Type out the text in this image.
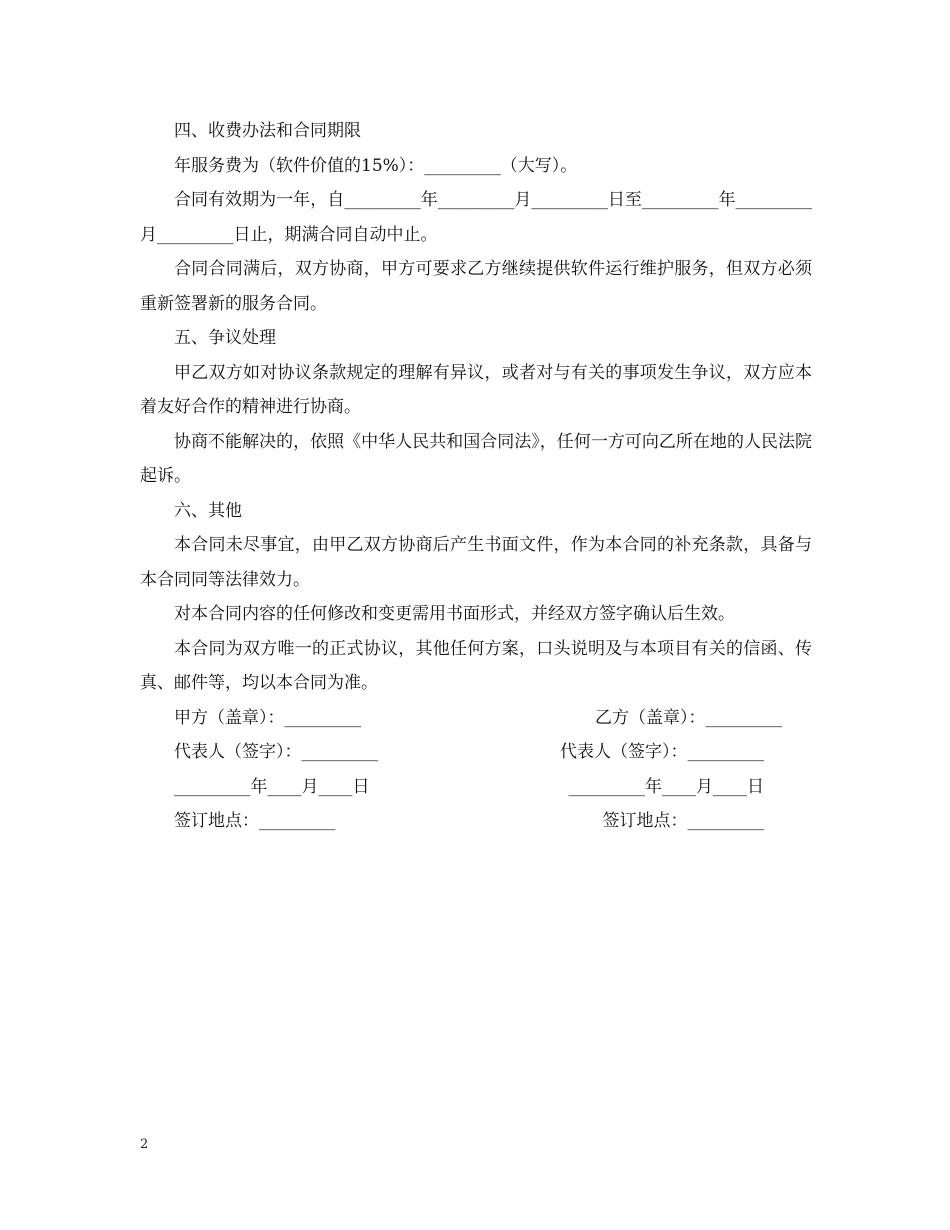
四、收费办法和合同期限

年服务费为（软件价值的15%）：_________（大写）。

合同有效期为一年，自_________年_________月_________日至_________年_________月_________日止，期满合同自动中止。

合同合同满后，双方协商，甲方可要求乙方继续提供软件运行维护服务，但双方必须重新签署新的服务合同。

五、争议处理

甲乙双方如对协议条款规定的理解有异议，或者对与有关的事项发生争议，双方应本着友好合作的精神进行协商。

协商不能解决的，依照《中华人民共和国合同法》，任何一方可向乙所在地的人民法院起诉。

六、其他

本合同未尽事宜，由甲乙双方协商后产生书面文件，作为本合同的补充条款，具备与本合同同等法律效力。

对本合同内容的任何修改和变更需用书面形式，并经双方签字确认后生效。

本合同为双方唯一的正式协议，其他任何方案，口头说明及与本项目有关的信函、传真、邮件等，均以本合同为准。

甲方（盖章）：_________	乙方（盖章）：_________
代表人（签字）：_________	代表人（签字）：_________
_________年____月____日	_________年____月____日
签订地点：_________	签订地点：_________
2
